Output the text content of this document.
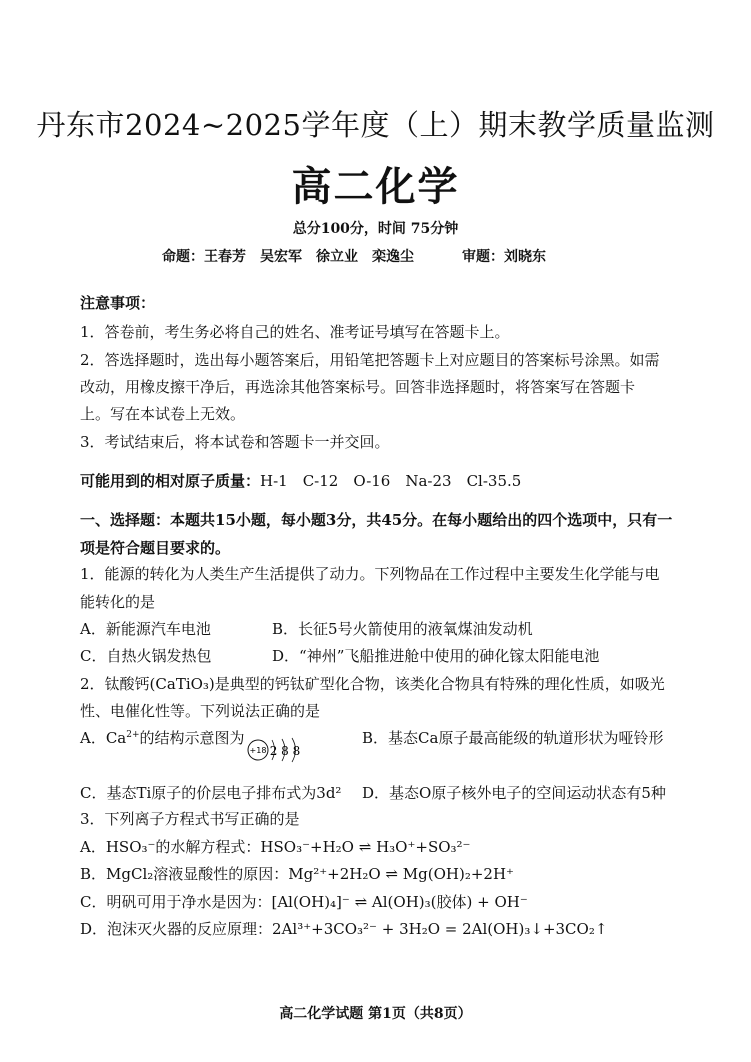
丹东市2024~2025学年度（上）期末教学质量监测
高二化学
总分100分，时间 75分钟
命题：王春芳　吴宏军　徐立业　栾逸尘	审题：刘晓东
注意事项：
1．答卷前，考生务必将自己的姓名、准考证号填写在答题卡上。
2．答选择题时，选出每小题答案后，用铅笔把答题卡上对应题目的答案标号涂黑。如需
改动，用橡皮擦干净后，再选涂其他答案标号。回答非选择题时，将答案写在答题卡
上。写在本试卷上无效。
3．考试结束后，将本试卷和答题卡一并交回。
可能用到的相对原子质量：H-1　C-12　O-16　Na-23　Cl-35.5
一、选择题：本题共15小题，每小题3分，共45分。在每小题给出的四个选项中，只有一
项是符合题目要求的。
1．能源的转化为人类生产生活提供了动力。下列物品在工作过程中主要发生化学能与电
能转化的是
A．新能源汽车电池	B．长征5号火箭使用的液氧煤油发动机
C．自热火锅发热包	D．“神州”飞船推进舱中使用的砷化镓太阳能电池
2．钛酸钙(CaTiO₃)是典型的钙钛矿型化合物，该类化合物具有特殊的理化性质，如吸光
性、电催化性等。下列说法正确的是
A．$Ca^{2+}$的结构示意图为
+18 2 8 8
B．基态Ca原子最高能级的轨道形状为哑铃形
C．基态Ti原子的价层电子排布式为3d² D．基态O原子核外电子的空间运动状态有5种
3．下列离子方程式书写正确的是
A．HSO₃⁻的水解方程式：HSO₃⁻+H₂O ⇌ H₃O⁺+SO₃²⁻
B．MgCl₂溶液显酸性的原因：Mg²⁺+2H₂O ⇌ Mg(OH)₂+2H⁺
C．明矾可用于净水是因为：[Al(OH)₄]⁻ ⇌ Al(OH)₃(胶体) + OH⁻
D．泡沫灭火器的反应原理：2Al³⁺+3CO₃²⁻ + 3H₂O = 2Al(OH)₃↓+3CO₂↑
高二化学试题 第1页（共8页）
